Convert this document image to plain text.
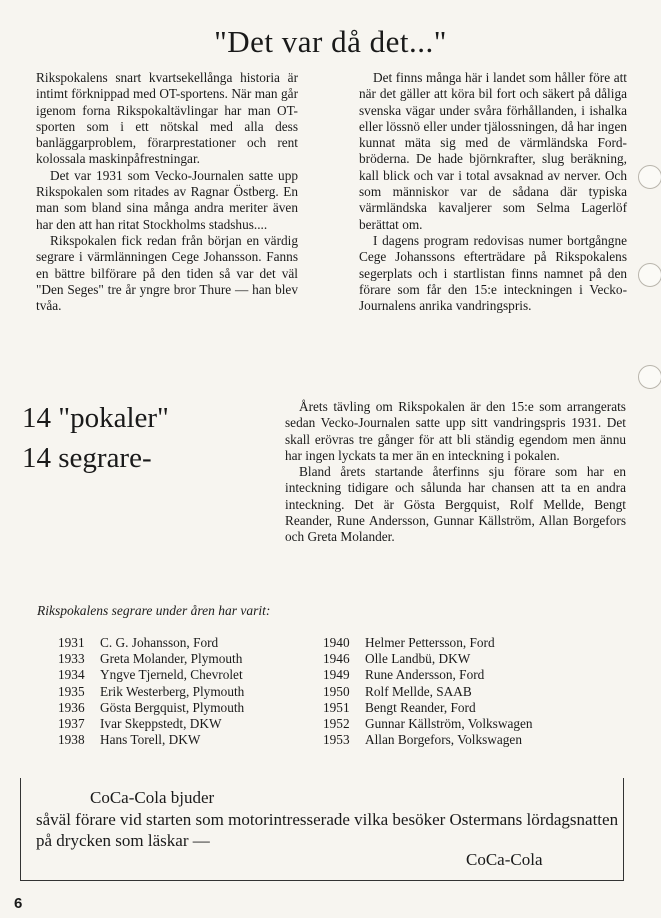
"Det var då det..."

Rikspokalens snart kvartsekellånga historia är intimt förknippad med OT-sportens. När man går igenom forna Rikspokaltävlingar har man OT-sporten som i ett nötskal med alla dess banläggarproblem, förarprestationer och rent kolossala maskinpåfrestningar.

Det var 1931 som Vecko-Journalen satte upp Rikspokalen som ritades av Ragnar Östberg. En man som bland sina många andra meriter även har den att han ritat Stockholms stadshus....

Rikspokalen fick redan från början en värdig segrare i värmlänningen Cege Johansson. Fanns en bättre bilförare på den tiden så var det väl "Den Seges" tre år yngre bror Thure — han blev tvåa.

Det finns många här i landet som håller före att när det gäller att köra bil fort och säkert på dåliga svenska vägar under svåra förhållanden, i ishalka eller lössnö eller under tjälossningen, då har ingen kunnat mäta sig med de värmländska Ford-bröderna. De hade björnkrafter, slug beräkning, kall blick och var i total avsaknad av nerver. Och som människor var de sådana där typiska värmländska kavaljerer som Selma Lagerlöf berättat om.

I dagens program redovisas numer bortgångne Cege Johanssons efterträdare på Rikspokalens segerplats och i startlistan finns namnet på den förare som får den 15:e inteckningen i Vecko-Journalens anrika vandringspris.

14 "pokaler"
14 segrare-

Årets tävling om Rikspokalen är den 15:e som arrangerats sedan Vecko-Journalen satte upp sitt vandringspris 1931. Det skall erövras tre gånger för att bli ständig egendom men ännu har ingen lyckats ta mer än en inteckning i pokalen.

Bland årets startande återfinns sju förare som har en inteckning tidigare och sålunda har chansen att ta en andra inteckning. Det är Gösta Bergquist, Rolf Mellde, Bengt Reander, Rune Andersson, Gunnar Källström, Allan Borgefors och Greta Molander.

Rikspokalens segrare under åren har varit:
1931	C. G. Johansson, Ford
1933	Greta Molander, Plymouth
1934	Yngve Tjerneld, Chevrolet
1935	Erik Westerberg, Plymouth
1936	Gösta Bergquist, Plymouth
1937	Ivar Skeppstedt, DKW
1938	Hans Torell, DKW
1940	Helmer Pettersson, Ford
1946	Olle Landbü, DKW
1949	Rune Andersson, Ford
1950	Rolf Mellde, SAAB
1951	Bengt Reander, Ford
1952	Gunnar Källström, Volkswagen
1953	Allan Borgefors, Volkswagen
CoCa-Cola bjuder
såväl förare vid starten som motorintresserade vilka besöker Ostermans lördagsnatten på drycken som läskar —
CoCa-Cola
6
